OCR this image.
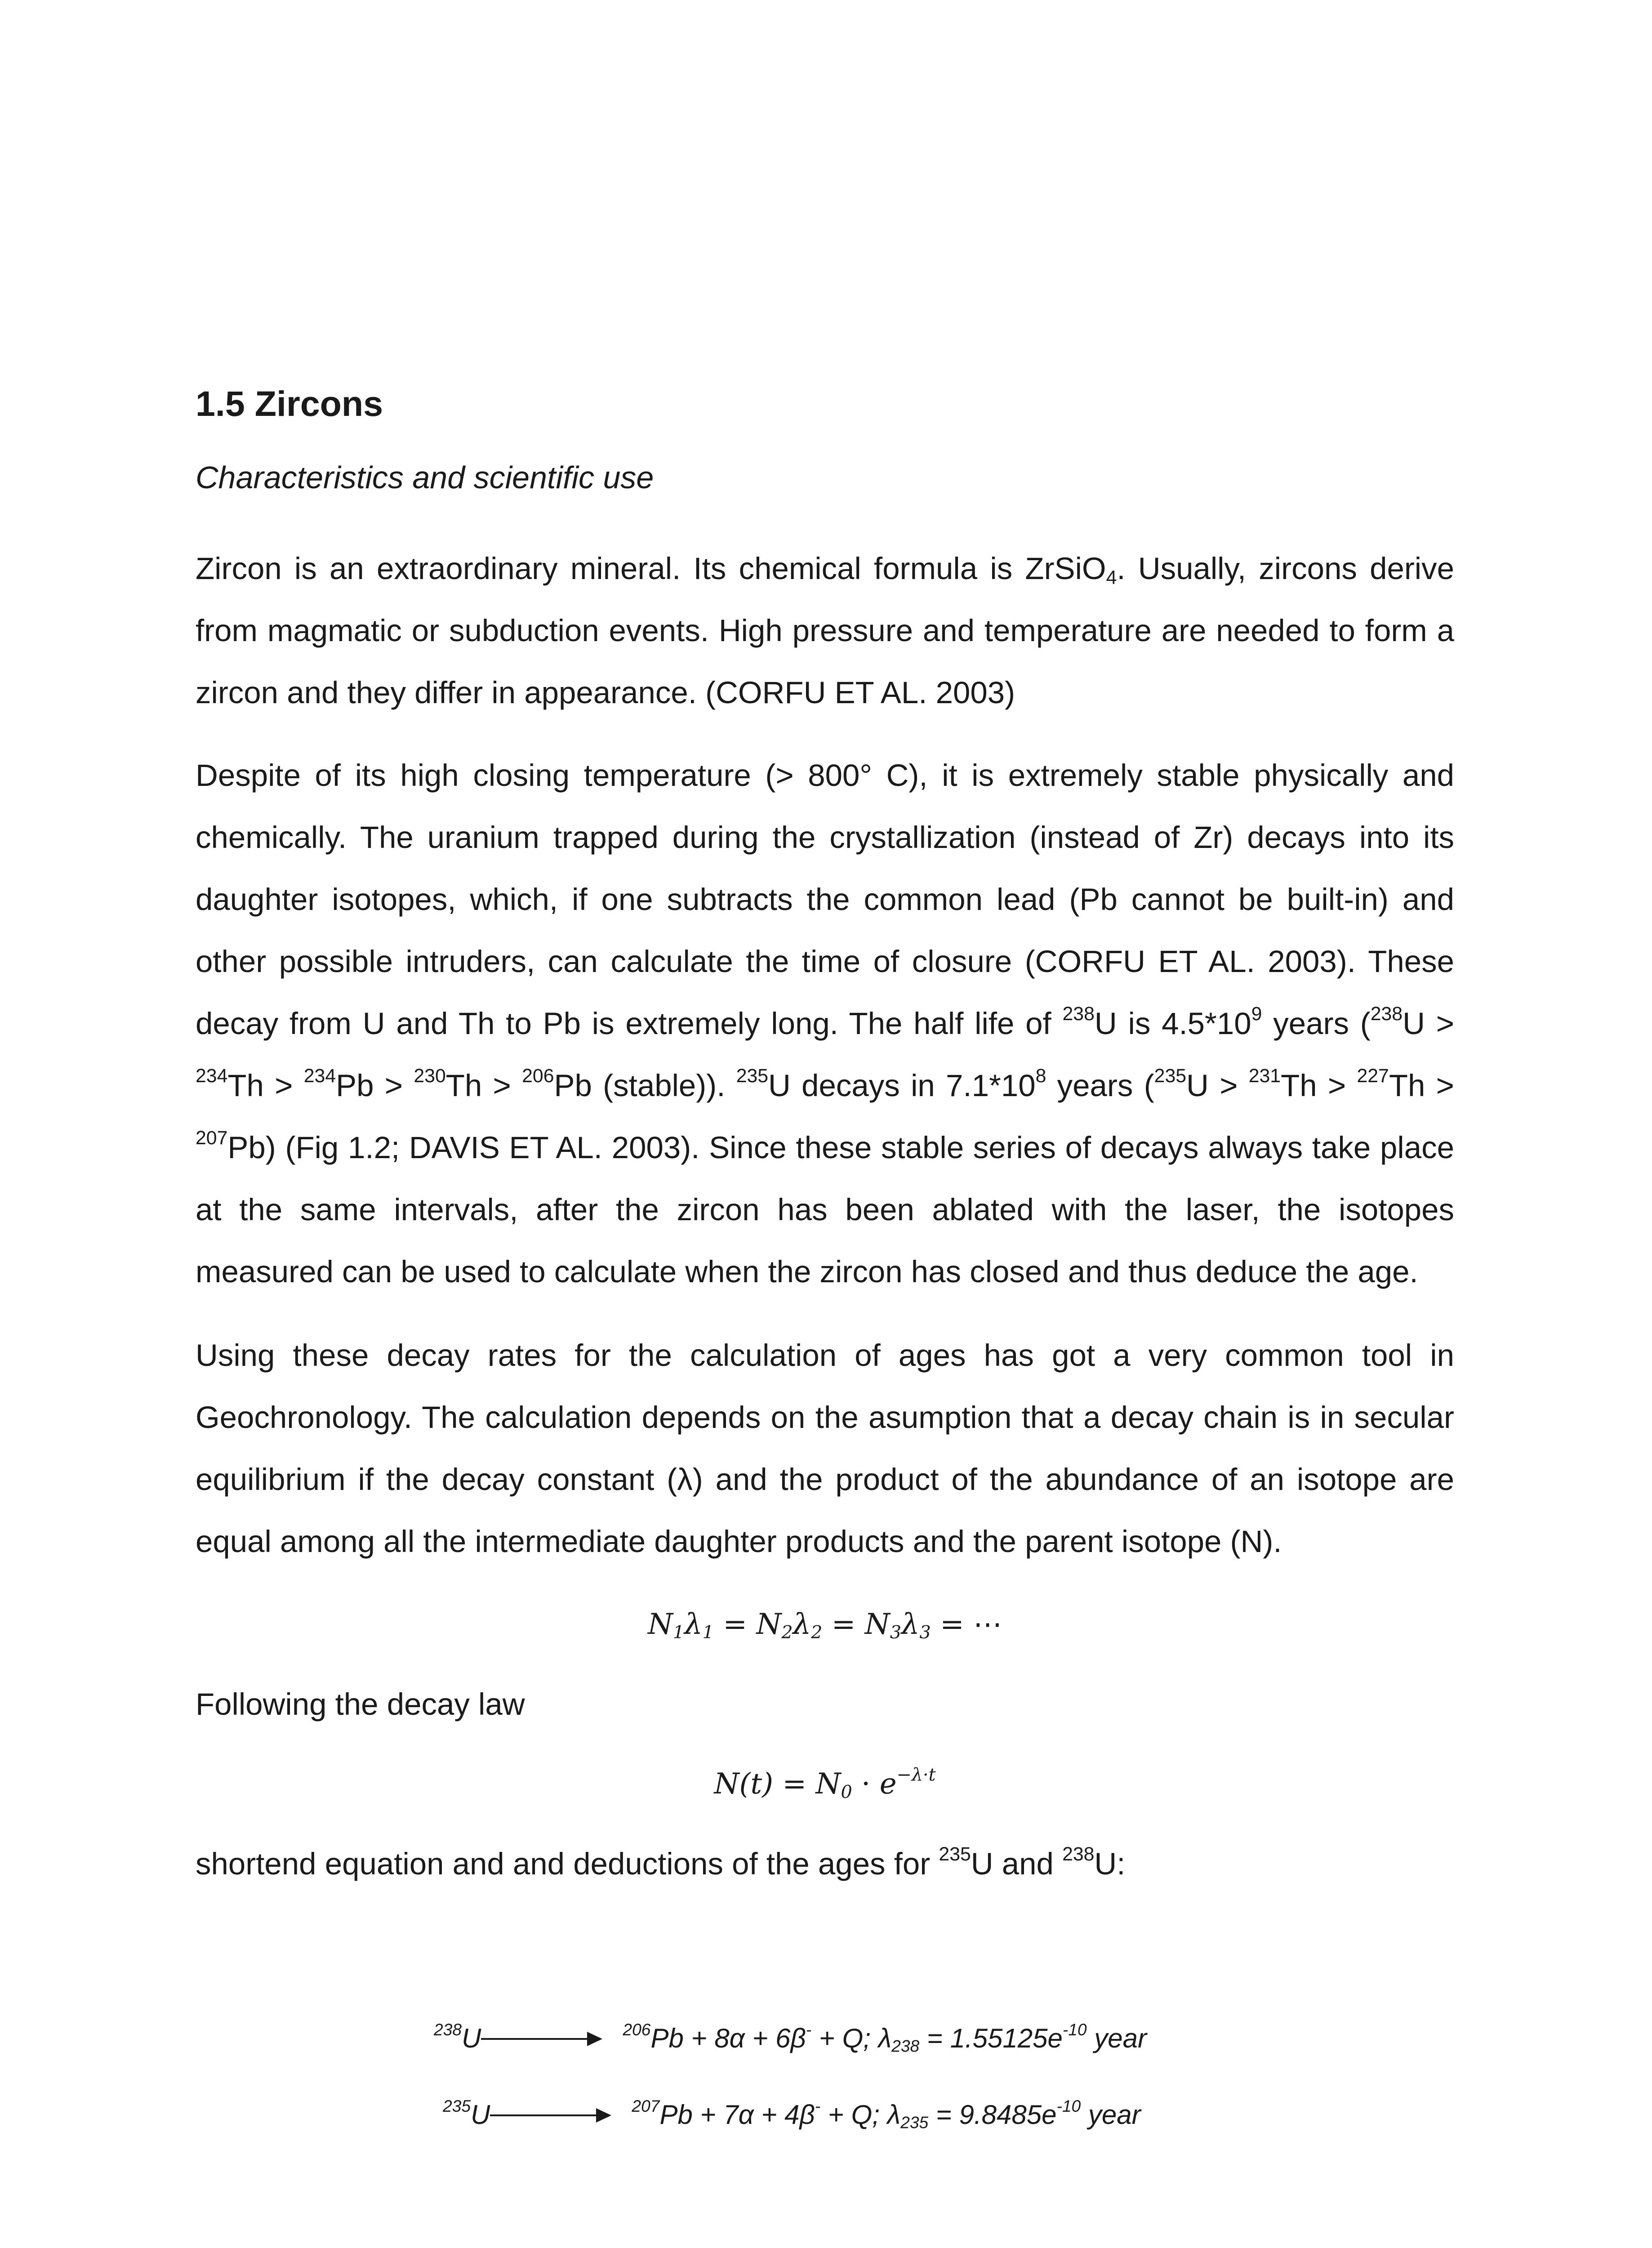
1.5 Zircons

Characteristics and scientific use

Zircon is an extraordinary mineral. Its chemical formula is ZrSiO$_4$. Usually, zircons derive from magmatic or subduction events. High pressure and temperature are needed to form a zircon and they differ in appearance. (CORFU ET AL. 2003)

Despite of its high closing temperature (> 800° C), it is extremely stable physically and chemically. The uranium trapped during the crystallization (instead of Zr) decays into its daughter isotopes, which, if one subtracts the common lead (Pb cannot be built-in) and other possible intruders, can calculate the time of closure (CORFU ET AL. 2003). These decay from U and Th to Pb is extremely long. The half life of $^{238}$U is $4.5*10^9$ years ($^{238}$U > $^{234}$Th > $^{234}$Pb > $^{230}$Th > $^{206}$Pb (stable)). $^{235}$U decays in $7.1*10^8$ years ($^{235}$U > $^{231}$Th > $^{227}$Th > $^{207}$Pb) (Fig 1.2; DAVIS ET AL. 2003). Since these stable series of decays always take place at the same intervals, after the zircon has been ablated with the laser, the isotopes measured can be used to calculate when the zircon has closed and thus deduce the age.

Using these decay rates for the calculation of ages has got a very common tool in Geochronology. The calculation depends on the asumption that a decay chain is in secular equilibrium if the decay constant (λ) and the product of the abundance of an isotope are equal among all the intermediate daughter products and the parent isotope (N).

$N_1\lambda_1 = N_2\lambda_2 = N_3\lambda_3$ = ⋯

Following the decay law

$N(t) = N_0 \cdot e^{-\lambda\cdot t}$

shortend equation and and deductions of the ages for $^{235}$U and $^{238}$U:

$^{238}$U	$^{206}$Pb + 8α + 6β- + Q; $\lambda_{238} = 1.55125e^{-10}$ year
$^{235}$U	$^{207}$Pb + 7α + 4β- + Q; $\lambda_{235} = 9.8485e^{-10}$ year
